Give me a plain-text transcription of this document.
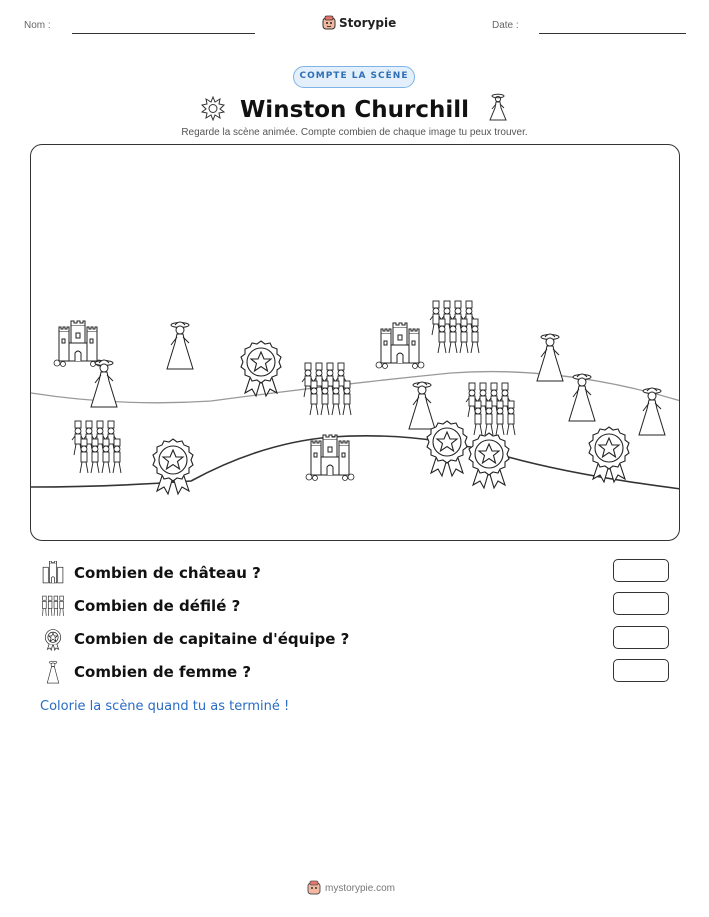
Nom :	Storypie	Date :
COMPTE LA SCÈNE
Winston Churchill
Regarde la scène animée. Compte combien de chaque image tu peux trouver.
Combien de château ?
Combien de défilé ?
Combien de capitaine d'équipe ?
Combien de femme ?
Colorie la scène quand tu as terminé !
mystorypie.com
